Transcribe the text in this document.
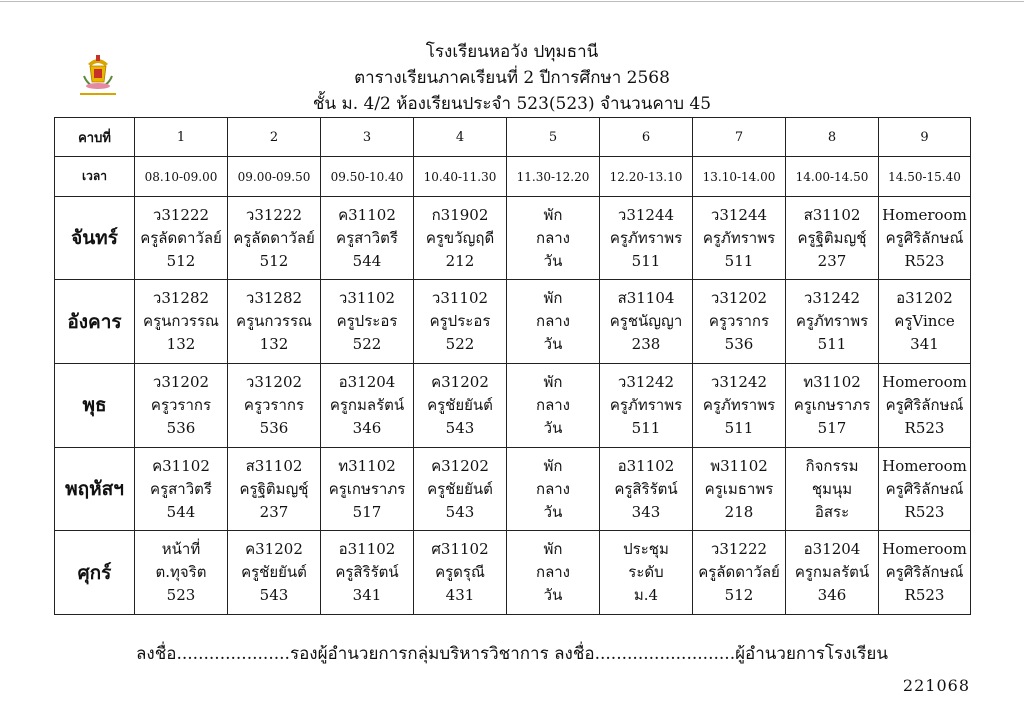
โรงเรียนหอวัง ปทุมธานี
ตารางเรียนภาคเรียนที่ 2 ปีการศึกษา 2568
ชั้น ม. 4/2 ห้องเรียนประจำ 523(523) จำนวนคาบ 45
คาบที่	1	2	3	4	5	6	7	8	9
เวลา	08.10-09.00	09.00-09.50	09.50-10.40	10.40-11.30	11.30-12.20	12.20-13.10	13.10-14.00	14.00-14.50	14.50-15.40
จันทร์	ว31222
ครูลัดดาวัลย์
512	ว31222
ครูลัดดาวัลย์
512	ค31102
ครูสาวิตรี
544	ก31902
ครูขวัญฤดี
212	พัก
กลาง
วัน	ว31244
ครูภัทราพร
511	ว31244
ครูภัทราพร
511	ส31102
ครูฐิติมญชุ์
237	Homeroom
ครูศิริลักษณ์
R523

อังคาร	ว31282
ครูนกวรรณ
132	ว31282
ครูนกวรรณ
132	ว31102
ครูประอร
522	ว31102
ครูประอร
522	พัก
กลาง
วัน	ส31104
ครูชนัญญา
238	ว31202
ครูวรากร
536	ว31242
ครูภัทราพร
511	อ31202
ครูVince
341

พุธ	ว31202
ครูวรากร
536	ว31202
ครูวรากร
536	อ31204
ครูกมลรัตน์
346	ค31202
ครูชัยยันต์
543	พัก
กลาง
วัน	ว31242
ครูภัทราพร
511	ว31242
ครูภัทราพร
511	ท31102
ครูเกษราภร
517	Homeroom
ครูศิริลักษณ์
R523

พฤหัสฯ	ค31102
ครูสาวิตรี
544	ส31102
ครูฐิติมญชุ์
237	ท31102
ครูเกษราภร
517	ค31202
ครูชัยยันต์
543	พัก
กลาง
วัน	อ31102
ครูสิริรัตน์
343	พ31102
ครูเมธาพร
218	กิจกรรม
ชุมนุม
อิสระ	Homeroom
ครูศิริลักษณ์
R523

ศุกร์	หน้าที่
ต.ทุจริต
523	ค31202
ครูชัยยันต์
543	อ31102
ครูสิริรัตน์
341	ศ31102
ครูดรุณี
431	พัก
กลาง
วัน	ประชุม
ระดับ
ม.4	ว31222
ครูลัดดาวัลย์
512	อ31204
ครูกมลรัตน์
346	Homeroom
ครูศิริลักษณ์
R523
ลงชื่อ.....................รองผู้อำนวยการกลุ่มบริหารวิชาการ ลงชื่อ..........................ผู้อำนวยการโรงเรียน
221068
